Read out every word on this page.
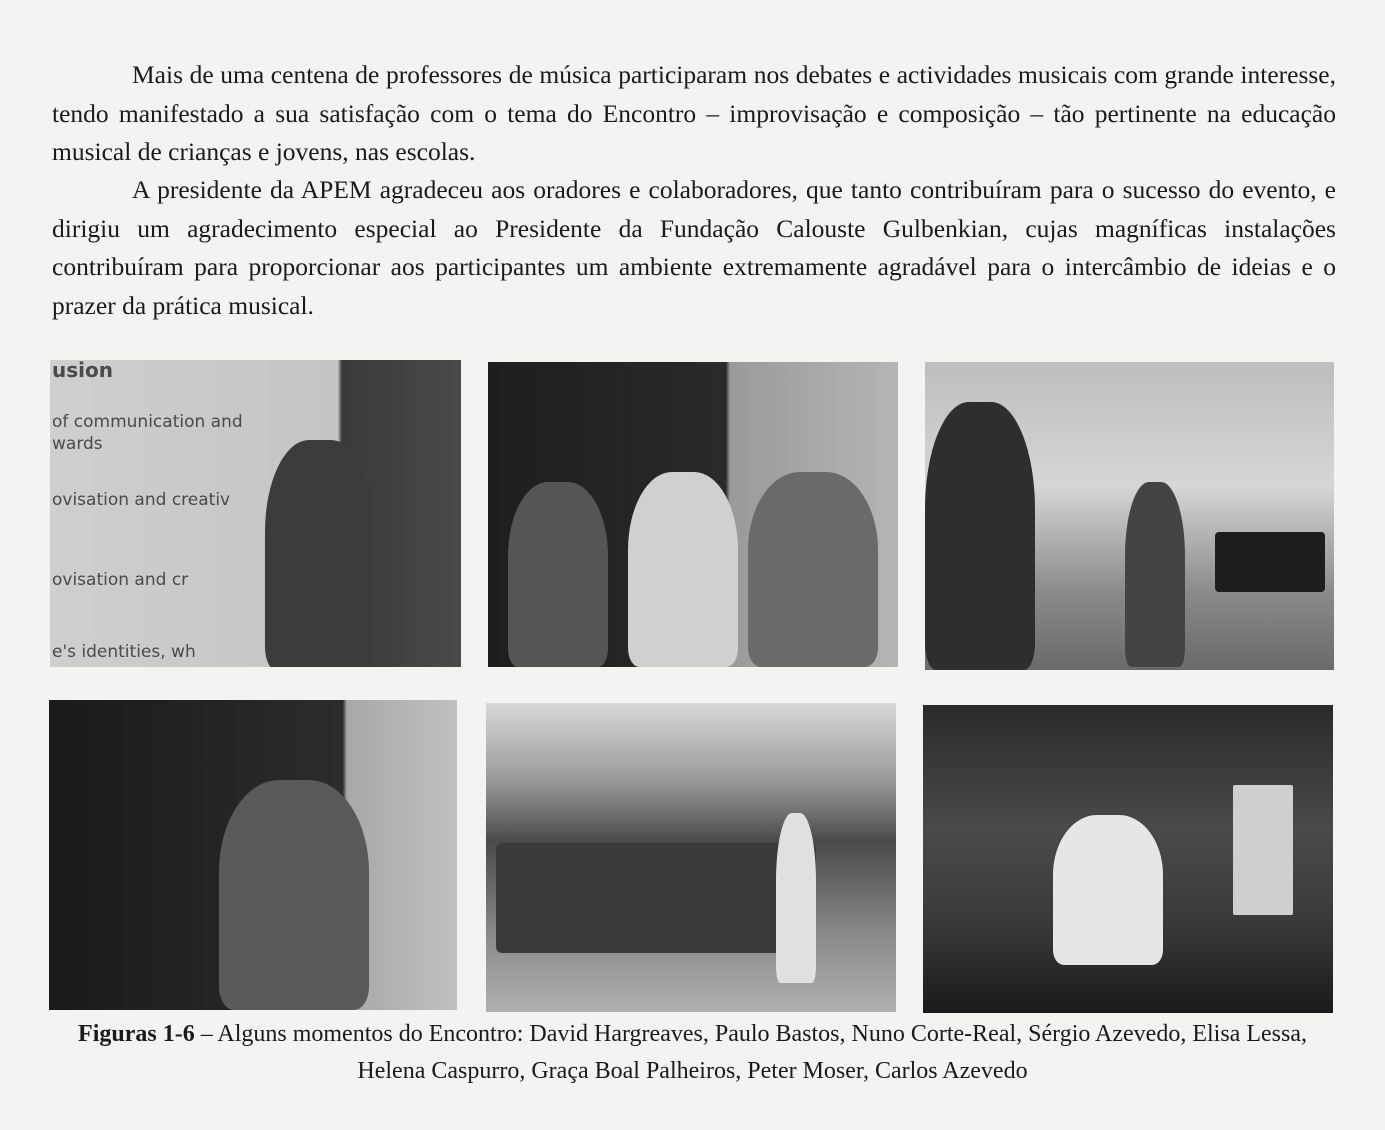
Mais de uma centena de professores de música participaram nos debates e actividades musicais com grande interesse, tendo manifestado a sua satisfação com o tema do Encontro – improvisação e composição – tão pertinente na educação musical de crianças e jovens, nas escolas.

A presidente da APEM agradeceu aos oradores e colaboradores, que tanto contribuíram para o sucesso do evento, e dirigiu um agradecimento especial ao Presidente da Fundação Calouste Gulbenkian, cujas magníficas instalações contribuíram para proporcionar aos participantes um ambiente extremamente agradável para o intercâmbio de ideias e o prazer da prática musical.

usion
of communication and
wards
ovisation and creativ
ovisation and cr
e's identities, wh

Figuras 1-6 – Alguns momentos do Encontro: David Hargreaves, Paulo Bastos, Nuno Corte-Real, Sérgio Azevedo, Elisa Lessa, Helena Caspurro, Graça Boal Palheiros, Peter Moser, Carlos Azevedo
